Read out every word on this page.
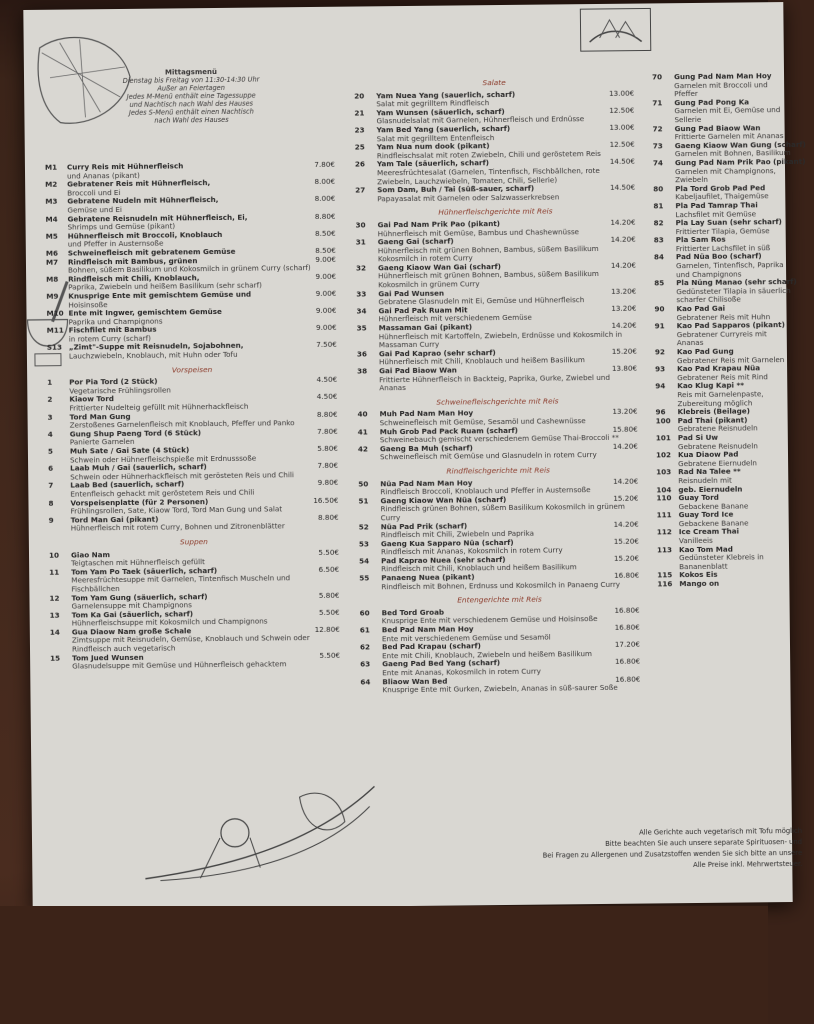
Mittagsmenü
Dienstag bis Freitag von 11:30-14:30 Uhr
Außer an Feiertagen
Jedes M-Menü enthält eine Tagessuppe
und Nachtisch nach Wahl des Hauses
Jedes S-Menü enthält einen Nachtisch
nach Wahl des Hauses
M1 Curry Reis mit Hühnerfleisch	7.80€
und Ananas (pikant)
M2 Gebratener Reis mit Hühnerfleisch,	8.00€
Broccoli und Ei
M3 Gebratene Nudeln mit Hühnerfleisch,	8.00€
Gemüse und Ei
M4 Gebratene Reisnudeln mit Hühnerfleisch, Ei,	8.80€
Shrimps und Gemüse (pikant)
M5 Hühnerfleisch mit Broccoli, Knoblauch	8.50€
und Pfeffer in Austernsoße
M6 Schweinefleisch mit gebratenem Gemüse	8.50€
M7 Rindfleisch mit Bambus, grünen	9.00€
Bohnen, süßem Basilikum und Kokosmilch in grünem Curry (scharf)
M8 Rindfleisch mit Chili, Knoblauch,	9.00€
Paprika, Zwiebeln und heißem Basilikum (sehr scharf)
M9 Knusprige Ente mit gemischtem Gemüse und	9.00€
Hoisinsoße
M10 Ente mit Ingwer, gemischtem Gemüse	9.00€
Paprika und Champignons
M11 Fischfilet mit Bambus	9.00€
in rotem Curry (scharf)
S13 „Zimt"-Suppe mit Reisnudeln, Sojabohnen,	7.50€
Lauchzwiebeln, Knoblauch, mit Huhn oder Tofu
Vorspeisen
1 Por Pia Tord (2 Stück)	4.50€
Vegetarische Frühlingsrollen
2 Kiaow Tord	4.50€
Frittierter Nudelteig gefüllt mit Hühnerhackfleisch
3 Tord Man Gung	8.80€
Zerstoßenes Garnelenfleisch mit Knoblauch, Pfeffer und Panko
4 Gung Shup Paeng Tord (6 Stück)	7.80€
Panierte Garnelen
5 Muh Sate / Gai Sate (4 Stück)	5.80€
Schwein oder Hühnerfleischspieße mit Erdnusssoße
6 Laab Muh / Gai (sauerlich, scharf)	7.80€
Schwein oder Hühnerhackfleisch mit gerösteten Reis und Chili
7 Laab Bed (sauerlich, scharf)	9.80€
Entenfleisch gehackt mit geröstetem Reis und Chili
8 Vorspeisenplatte (für 2 Personen)	16.50€
Frühlingsrollen, Sate, Kiaow Tord, Tord Man Gung und Salat
9 Tord Man Gai (pikant)	8.80€
Hühnerfleisch mit rotem Curry, Bohnen und Zitronenblätter
Suppen
10 Giao Nam	5.50€
Teigtaschen mit Hühnerfleisch gefüllt
11 Tom Yam Po Taek (säuerlich, scharf)	6.50€
Meeresfrüchtesuppe mit Garnelen, Tintenfisch Muscheln und Fischbällchen
12 Tom Yam Gung (säuerlich, scharf)	5.80€
Garnelensuppe mit Champignons
13 Tom Ka Gai (säuerlich, scharf)	5.50€
Hühnerfleischsuppe mit Kokosmilch und Champignons
14 Gua Diaow Nam große Schale	12.80€
Zimtsuppe mit Reisnudeln, Gemüse, Knoblauch und Schwein oder Rindfleisch auch vegetarisch
15 Tom Jued Wunsen	5.50€
Glasnudelsuppe mit Gemüse und Hühnerfleisch gehacktem
Salate
20 Yam Nuea Yang (sauerlich, scharf)	13.00€
Salat mit gegrilltem Rindfleisch
21 Yam Wunsen (säuerlich, scharf)	12.50€
Glasnudelsalat mit Garnelen, Hühnerfleisch und Erdnüsse
23 Yam Bed Yang (sauerlich, scharf)	13.00€
Salat mit gegrilltem Entenfleisch
25 Yam Nua num dook (pikant)	12.50€
Rindfleischsalat mit roten Zwiebeln, Chili und geröstetem Reis
26 Yam Tale (säuerlich, scharf)	14.50€
Meeresfrüchtesalat (Garnelen, Tintenfisch, Fischbällchen, rote Zwiebeln, Lauchzwiebeln, Tomaten, Chili, Sellerie)
27 Som Dam, Buh / Tai (süß-sauer, scharf)	14.50€
Papayasalat mit Garnelen oder Salzwasserkrebsen
Hühnerfleischgerichte mit Reis
30 Gai Pad Nam Prik Pao (pikant)	14.20€
Hühnerfleisch mit Gemüse, Bambus und Chashewnüsse
31 Gaeng Gai (scharf)	14.20€
Hühnerfleisch mit grünen Bohnen, Bambus, süßem Basilikum Kokosmilch in rotem Curry
32 Gaeng Kiaow Wan Gai (scharf)	14.20€
Hühnerfleisch mit grünen Bohnen, Bambus, süßem Basilikum Kokosmilch in grünem Curry
33 Gai Pad Wunsen	13.20€
Gebratene Glasnudeln mit Ei, Gemüse und Hühnerfleisch
34 Gai Pad Pak Ruam Mit	13.20€
Hühnerfleisch mit verschiedenem Gemüse
35 Massaman Gai (pikant)	14.20€
Hühnerfleisch mit Kartoffeln, Zwiebeln, Erdnüsse und Kokosmilch in Massaman Curry
36 Gai Pad Kaprao (sehr scharf)	15.20€
Hühnerfleisch mit Chili, Knoblauch und heißem Basilikum
38 Gai Pad Biaow Wan	13.80€
Frittierte Hühnerfleisch in Backteig, Paprika, Gurke, Zwiebel und Ananas
Schweinefleischgerichte mit Reis
40 Muh Pad Nam Man Hoy	13.20€
Schweinefleisch mit Gemüse, Sesamöl und Cashewnüsse
41 Muh Grob Pad Pack Ruam (scharf)	15.80€
Schweinebauch gemischt verschiedenem Gemüse Thai-Broccoli **
42 Gaeng Ba Muh (scharf)	14.20€
Schweinefleisch mit Gemüse und Glasnudeln in rotem Curry
Rindfleischgerichte mit Reis
50 Nüa Pad Nam Man Hoy	14.20€
Rindfleisch Broccoli, Knoblauch und Pfeffer in Austernsoße
51 Gaeng Kiaow Wan Nüa (scharf)	15.20€
Rindfleisch grünen Bohnen, süßem Basilikum Kokosmilch in grünem Curry
52 Nüa Pad Prik (scharf)	14.20€
Rindfleisch mit Chili, Zwiebeln und Paprika
53 Gaeng Kua Sapparo Nüa (scharf)	15.20€
Rindfleisch mit Ananas, Kokosmilch in rotem Curry
54 Pad Kaprao Nuea (sehr scharf)	15.20€
Rindfleisch mit Chili, Knoblauch und heißem Basilikum
55 Panaeng Nuea (pikant)	16.80€
Rindfleisch mit Bohnen, Erdnuss und Kokosmilch in Panaeng Curry
Entengerichte mit Reis
60 Bed Tord Groab	16.80€
Knusprige Ente mit verschiedenem Gemüse und Hoisinsoße
61 Bed Pad Nam Man Hoy	16.80€
Ente mit verschiedenem Gemüse und Sesamöl
62 Bed Pad Krapau (scharf)	17.20€
Ente mit Chili, Knoblauch, Zwiebeln und heißem Basilikum
63 Gaeng Pad Bed Yang (scharf)	16.80€
Ente mit Ananas, Kokosmilch in rotem Curry
64 Bliaow Wan Bed	16.80€
Knusprige Ente mit Gurken, Zwiebeln, Ananas in süß-saurer Soße
70 Gung Pad Nam Man Hoy
Garnelen mit Broccoli und Pfeffer
71 Gung Pad Pong Ka
Garnelen mit Ei, Gemüse und Sellerie
72 Gung Pad Biaow Wan
Frittierte Garnelen mit Ananas
73 Gaeng Kiaow Wan Gung (scharf)
Garnelen mit Bohnen, Basilikum
74 Gung Pad Nam Prik Pao (pikant)
Garnelen mit Champignons, Zwiebeln
80 Pla Tord Grob Pad Ped
Kabeljaufilet, Thaigemüse
81 Pla Pad Tamrap Thai
Lachsfilet mit Gemüse
82 Pla Lay Suan (sehr scharf)
Frittierter Tilapia, Gemüse
83 Pla Sam Ros
Frittierter Lachsfilet in süß
84 Pad Nüa Boo (scharf)
Garnelen, Tintenfisch, Paprika und Champignons
85 Pla Nüng Manao (sehr scharf)
Gedünsteter Tilapia in säuerlich scharfer Chilisoße
90 Kao Pad Gai
Gebratener Reis mit Huhn
91 Kao Pad Sapparos (pikant)
Gebratener Curryreis mit Ananas
92 Kao Pad Gung
Gebratener Reis mit Garnelen
93 Kao Pad Krapau Nüa
Gebratener Reis mit Rind
94 Kao Klug Kapi **
Reis mit Garnelenpaste, Zubereitung möglich
96 Klebreis (Beilage)
100 Pad Thai (pikant)
Gebratene Reisnudeln
101 Pad Si Uw
Gebratene Reisnudeln
102 Kua Diaow Pad
Gebratene Eiernudeln
103 Rad Na Talee **
Reisnudeln mit
104 geb. Eiernudeln
110 Guay Tord
Gebackene Banane
111 Guay Tord Ice
Gebackene Banane
112 Ice Cream Thai
Vanilleeis
113 Kao Tom Mad
Gedünsteter Klebreis in Bananenblatt
115 Kokos Eis
116 Mango on
Alle Gerichte auch vegetarisch mit Tofu möglich
Bitte beachten Sie auch unsere separate Spirituosen- und
Bei Fragen zu Allergenen und Zusatzstoffen wenden Sie sich bitte an unsere
Alle Preise inkl. Mehrwertsteuer.
